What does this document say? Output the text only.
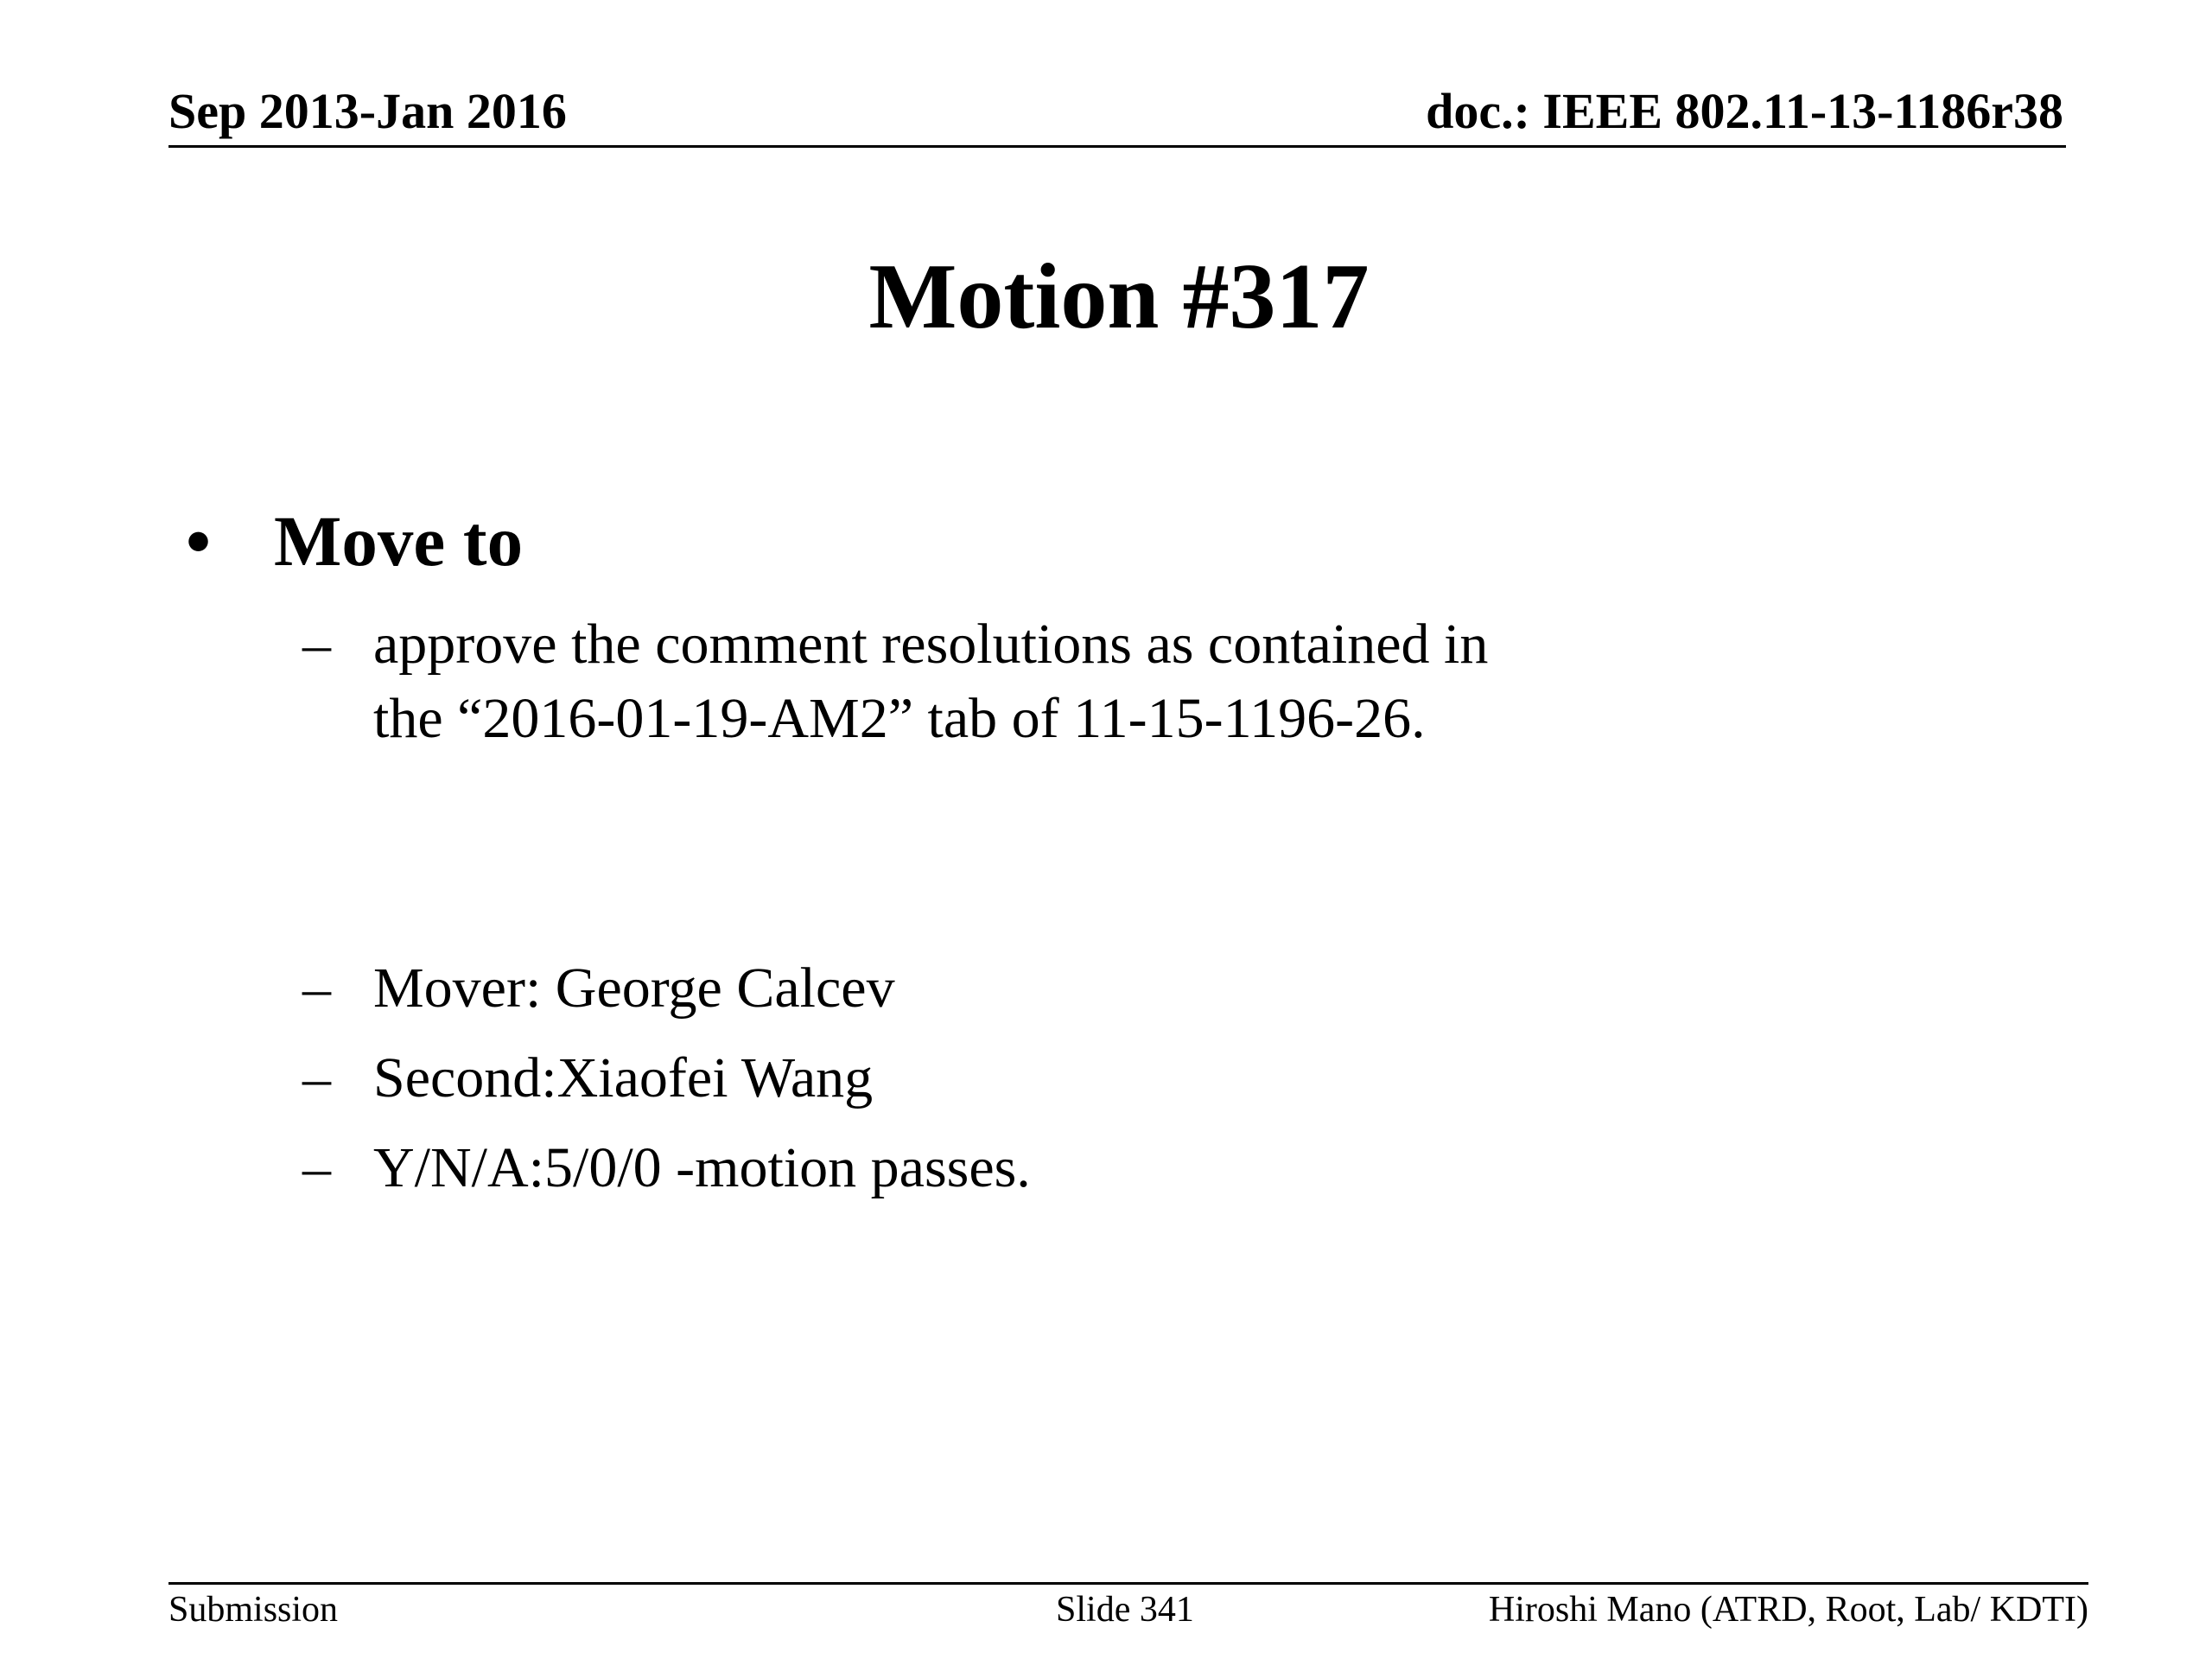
Sep 2013-Jan 2016	doc.: IEEE 802.11-13-1186r38
Motion #317
• Move to
– approve the comment resolutions as contained in
the “2016-01-19-AM2” tab of 11-15-1196-26.
– Mover: George Calcev
– Second:Xiaofei Wang
– Y/N/A:5/0/0 -motion passes.
Submission	Slide 341	Hiroshi Mano (ATRD, Root, Lab/ KDTI)
